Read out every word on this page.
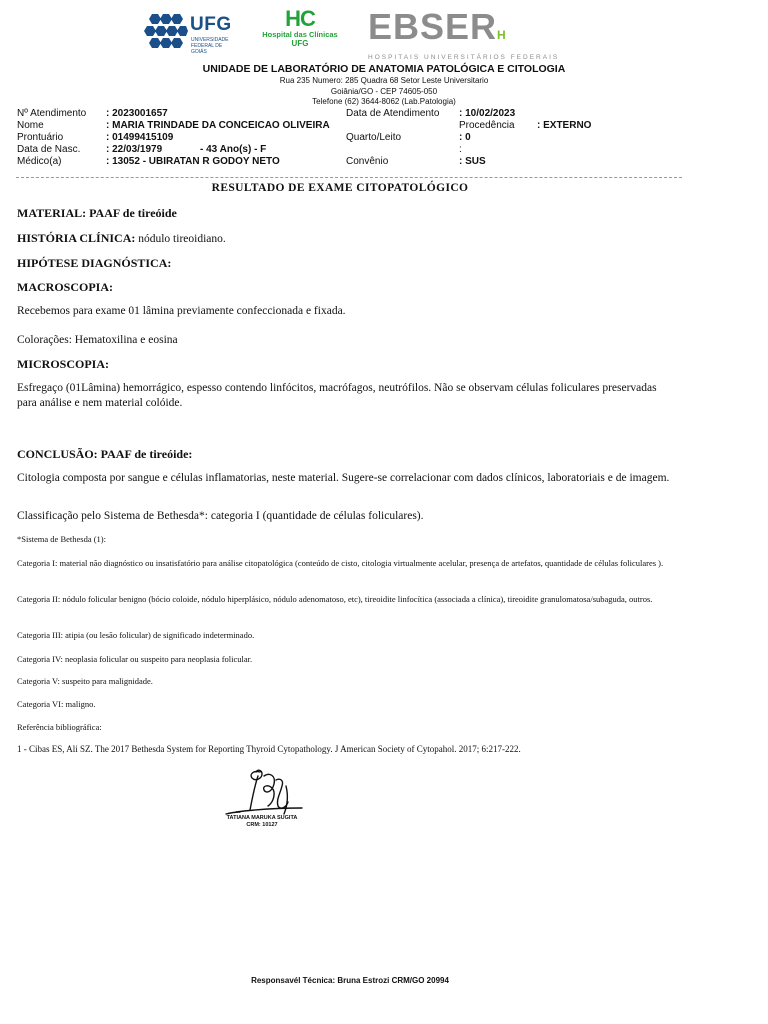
UFG
UNIVERSIDADE FEDERAL DE GOIÁS
HC
Hospital das Clínicas
UFG	EBSERH
HOSPITAIS UNIVERSITÁRIOS FEDERAIS
UNIDADE DE LABORATÓRIO DE ANATOMIA PATOLÓGICA E CITOLOGIA
Rua 235 Numero: 285 Quadra 68 Setor Leste Universitario
Goiânia/GO - CEP 74605-050
Telefone (62) 3644-8062 (Lab.Patologia)
Nº Atendimento : 2023001657	Data de Atendimento : 10/02/2023
Nome	: MARIA TRINDADE DA CONCEICAO OLIVEIRA	Procedência : EXTERNO
Prontuário	: 01499415109	Quarto/Leito	: 0
Data de Nasc.	: 22/03/1979	- 43 Ano(s) - F	:
Médico(a)	: 13052 - UBIRATAN R GODOY NETO	Convênio	: SUS
RESULTADO DE EXAME CITOPATOLÓGICO
MATERIAL: PAAF de tireóide
HISTÓRIA CLÍNICA: nódulo tireoidiano.
HIPÓTESE DIAGNÓSTICA:
MACROSCOPIA:
Recebemos para exame 01 lâmina previamente confeccionada e fixada.
Colorações: Hematoxilina e eosina
MICROSCOPIA:
Esfregaço (01Lâmina) hemorrágico, espesso contendo linfócitos, macrófagos, neutrófilos. Não se observam células foliculares preservadas para análise e nem material colóide.
CONCLUSÃO: PAAF de tireóide:
Citologia composta por sangue e células inflamatorias, neste material. Sugere-se correlacionar com dados clínicos, laboratoriais e de imagem.
Classificação pelo Sistema de Bethesda*: categoria I (quantidade de células foliculares).
*Sistema de Bethesda (1):
Categoria I: material não diagnóstico ou insatisfatório para análise citopatológica (conteúdo de cisto, citologia virtualmente acelular, presença de artefatos, quantidade de células foliculares ).
Categoria II: nódulo folicular benigno (bócio coloide, nódulo hiperplásico, nódulo adenomatoso, etc), tireoidite linfocítica (associada a clínica), tireoidite granulomatosa/subaguda, outros.
Categoria III: atipia (ou lesão folicular) de significado indeterminado.
Categoria IV: neoplasia folicular ou suspeito para neoplasia folicular.
Categoria V: suspeito para malignidade.
Categoria VI: maligno.
Referência bibliográfica:
1 - Cibas ES, Ali SZ. The 2017 Bethesda System for Reporting Thyroid Cytopathology. J American Society of Cytopahol. 2017; 6:217-222.
TATIANA MARUKA SUGITA
CRM: 10127
Responsavél Técnica: Bruna Estrozi CRM/GO 20994
